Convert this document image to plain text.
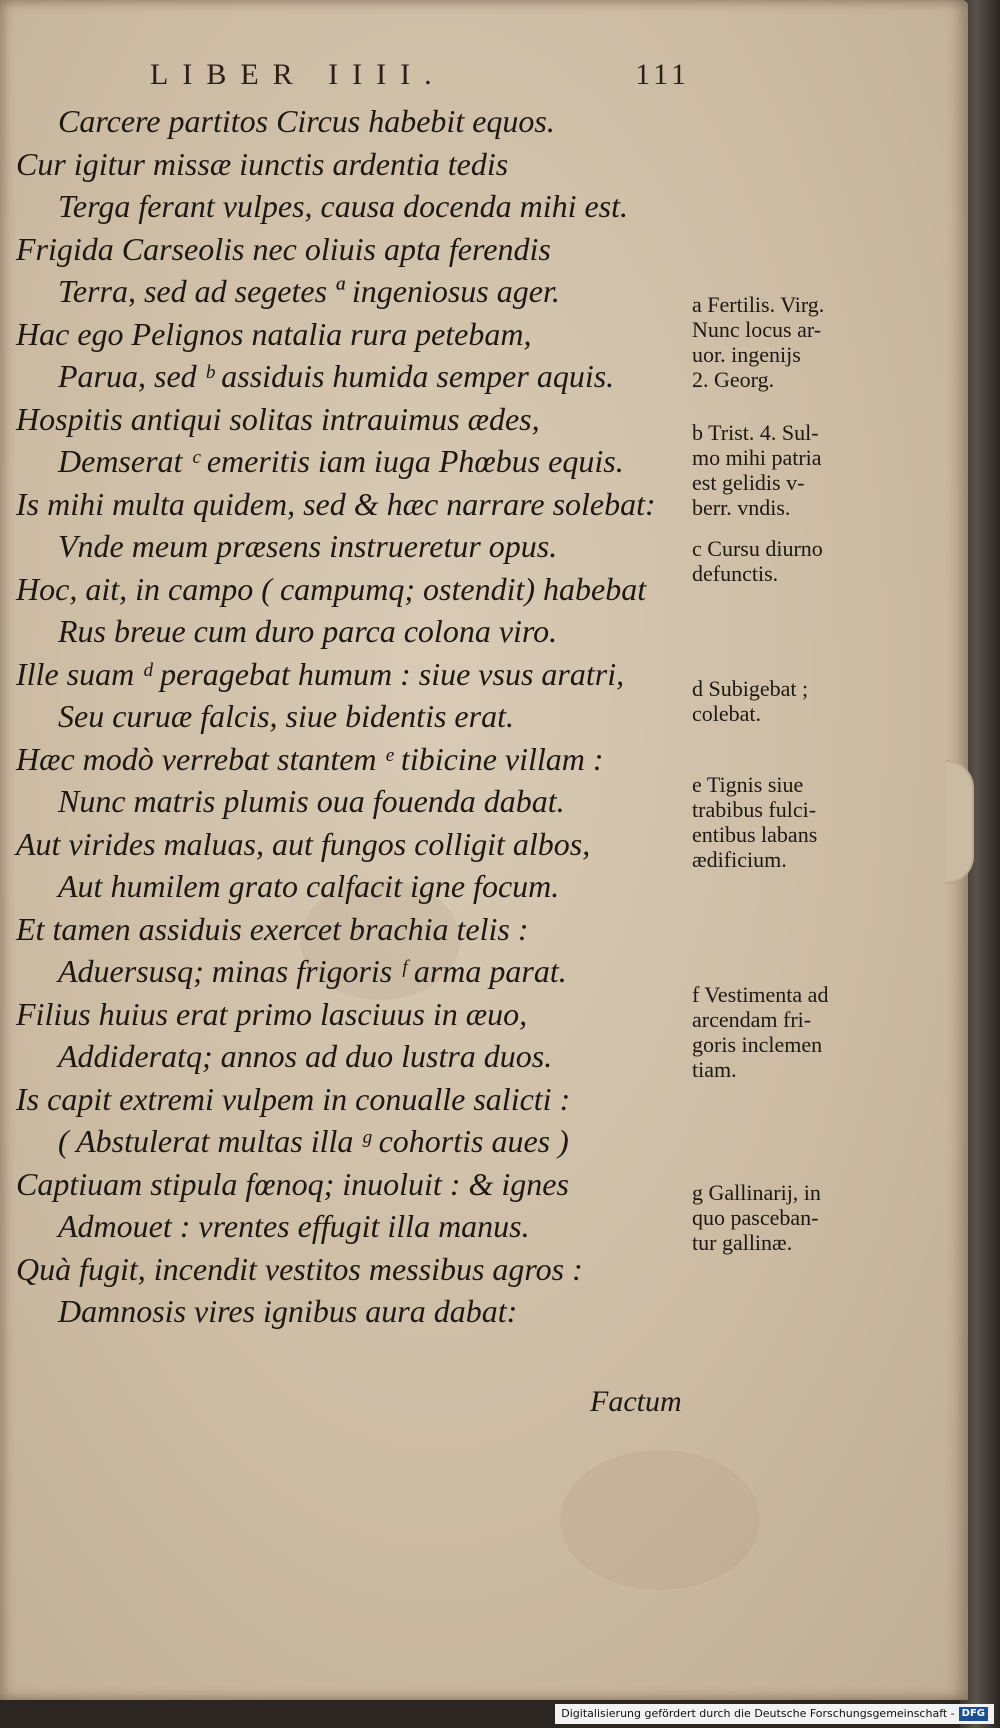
LIBER IIII.	111
Carcere partitos Circus habebit equos.
Cur igitur missæ iunctis ardentia tedis
Terga ferant vulpes, causa docenda mihi est.
Frigida Carseolis nec oliuis apta ferendis
Terra, sed ad segetes ª ingeniosus ager.
Hac ego Pelignos natalia rura petebam,
Parua, sed ᵇ assiduis humida semper aquis.
Hospitis antiqui solitas intrauimus ædes,
Demserat ᶜ emeritis iam iuga Phœbus equis.
Is mihi multa quidem, sed & hæc narrare solebat:
Vnde meum præsens instrueretur opus.
Hoc, ait, in campo ( campumq; ostendit) habebat
Rus breue cum duro parca colona viro.
Ille suam ᵈ peragebat humum : siue vsus aratri,
Seu curuæ falcis, siue bidentis erat.
Hæc modò verrebat stantem ᵉ tibicine villam :
Nunc matris plumis oua fouenda dabat.
Aut virides maluas, aut fungos colligit albos,
Aut humilem grato calfacit igne focum.
Et tamen assiduis exercet brachia telis :
Aduersusq; minas frigoris ᶠ arma parat.
Filius huius erat primo lasciuus in æuo,
Addideratq; annos ad duo lustra duos.
Is capit extremi vulpem in conualle salicti :
( Abstulerat multas illa ᵍ cohortis aues )
Captiuam stipula fœnoq; inuoluit : & ignes
Admouet : vrentes effugit illa manus.
Quà fugit, incendit vestitos messibus agros :
Damnosis vires ignibus aura dabat:
a Fertilis. Virg.
Nunc locus ar-
uor. ingenijs
2. Georg.
b Trist. 4. Sul-
mo mihi patria
est gelidis v-
berr. vndis.
c Cursu diurno
defunctis.
d Subigebat ;
colebat.
e Tignis siue
trabibus fulci-
entibus labans
ædificium.
f Vestimenta ad
arcendam fri-
goris inclemen
tiam.
g Gallinarij, in
quo pasceban-
tur gallinæ.
Factum
Digitalisierung gefördert durch die Deutsche Forschungsgemeinschaft - DFG
